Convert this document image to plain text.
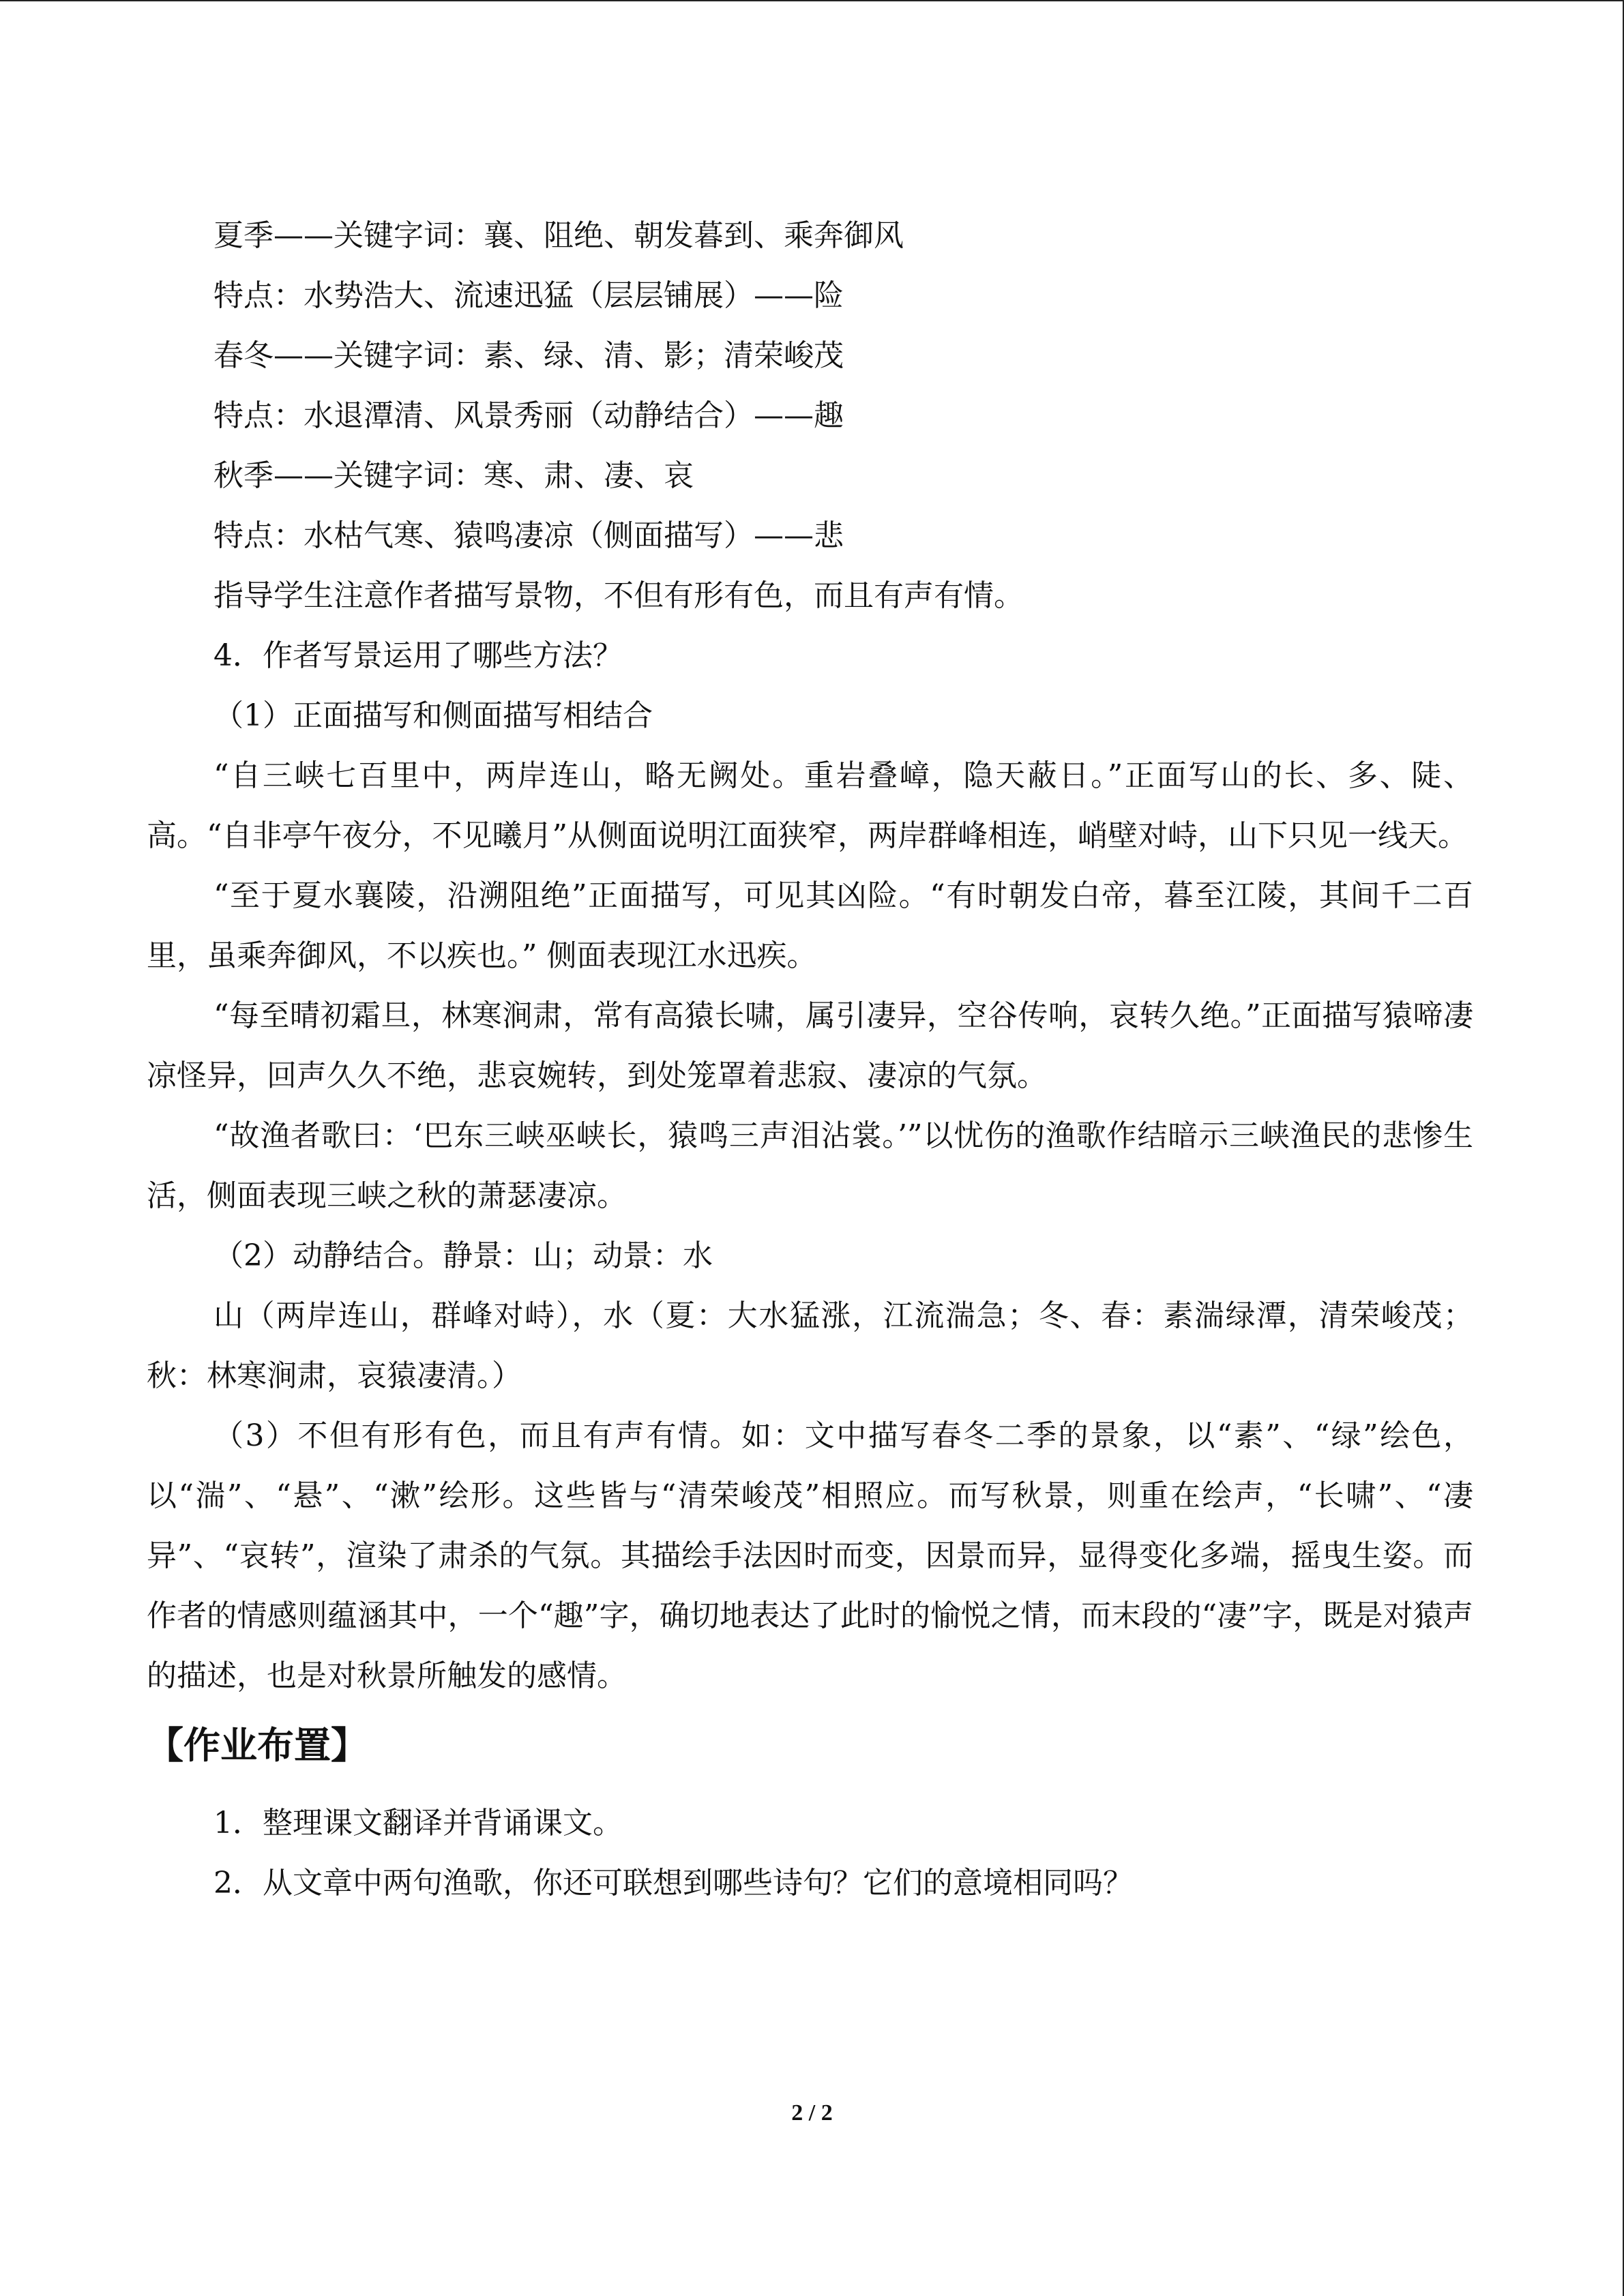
夏季——关键字词：襄、阻绝、朝发暮到、乘奔御风
特点：水势浩大、流速迅猛（层层铺展）——险
春冬——关键字词：素、绿、清、影；清荣峻茂
特点：水退潭清、风景秀丽（动静结合）——趣
秋季——关键字词：寒、肃、凄、哀
特点：水枯气寒、猿鸣凄凉（侧面描写）——悲
指导学生注意作者描写景物，不但有形有色，而且有声有情。
4．作者写景运用了哪些方法？
（1）正面描写和侧面描写相结合
“自三峡七百里中，两岸连山，略无阙处。重岩叠嶂，隐天蔽日。”正面写山的长、多、陡、高。“自非亭午夜分，不见曦月”从侧面说明江面狭窄，两岸群峰相连，峭壁对峙，山下只见一线天。
“至于夏水襄陵，沿溯阻绝”正面描写，可见其凶险。“有时朝发白帝，暮至江陵，其间千二百里，虽乘奔御风，不以疾也。” 侧面表现江水迅疾。
“每至晴初霜旦，林寒涧肃，常有高猿长啸，属引凄异，空谷传响，哀转久绝。”正面描写猿啼凄凉怪异，回声久久不绝，悲哀婉转，到处笼罩着悲寂、凄凉的气氛。
“故渔者歌曰：‘巴东三峡巫峡长，猿鸣三声泪沾裳。’”以忧伤的渔歌作结暗示三峡渔民的悲惨生活，侧面表现三峡之秋的萧瑟凄凉。
（2）动静结合。静景：山；动景：水
山（两岸连山，群峰对峙），水（夏：大水猛涨，江流湍急；冬、春：素湍绿潭，清荣峻茂；秋：林寒涧肃，哀猿凄清。）
（3）不但有形有色，而且有声有情。如：文中描写春冬二季的景象，以“素”、“绿”绘色，以“湍”、“悬”、“漱”绘形。这些皆与“清荣峻茂”相照应。而写秋景，则重在绘声，“长啸”、“凄异”、“哀转”，渲染了肃杀的气氛。其描绘手法因时而变，因景而异，显得变化多端，摇曳生姿。而作者的情感则蕴涵其中，一个“趣”字，确切地表达了此时的愉悦之情，而末段的“凄”字，既是对猿声的描述，也是对秋景所触发的感情。
【作业布置】
1．整理课文翻译并背诵课文。
2．从文章中两句渔歌，你还可联想到哪些诗句？它们的意境相同吗？
2 / 2
